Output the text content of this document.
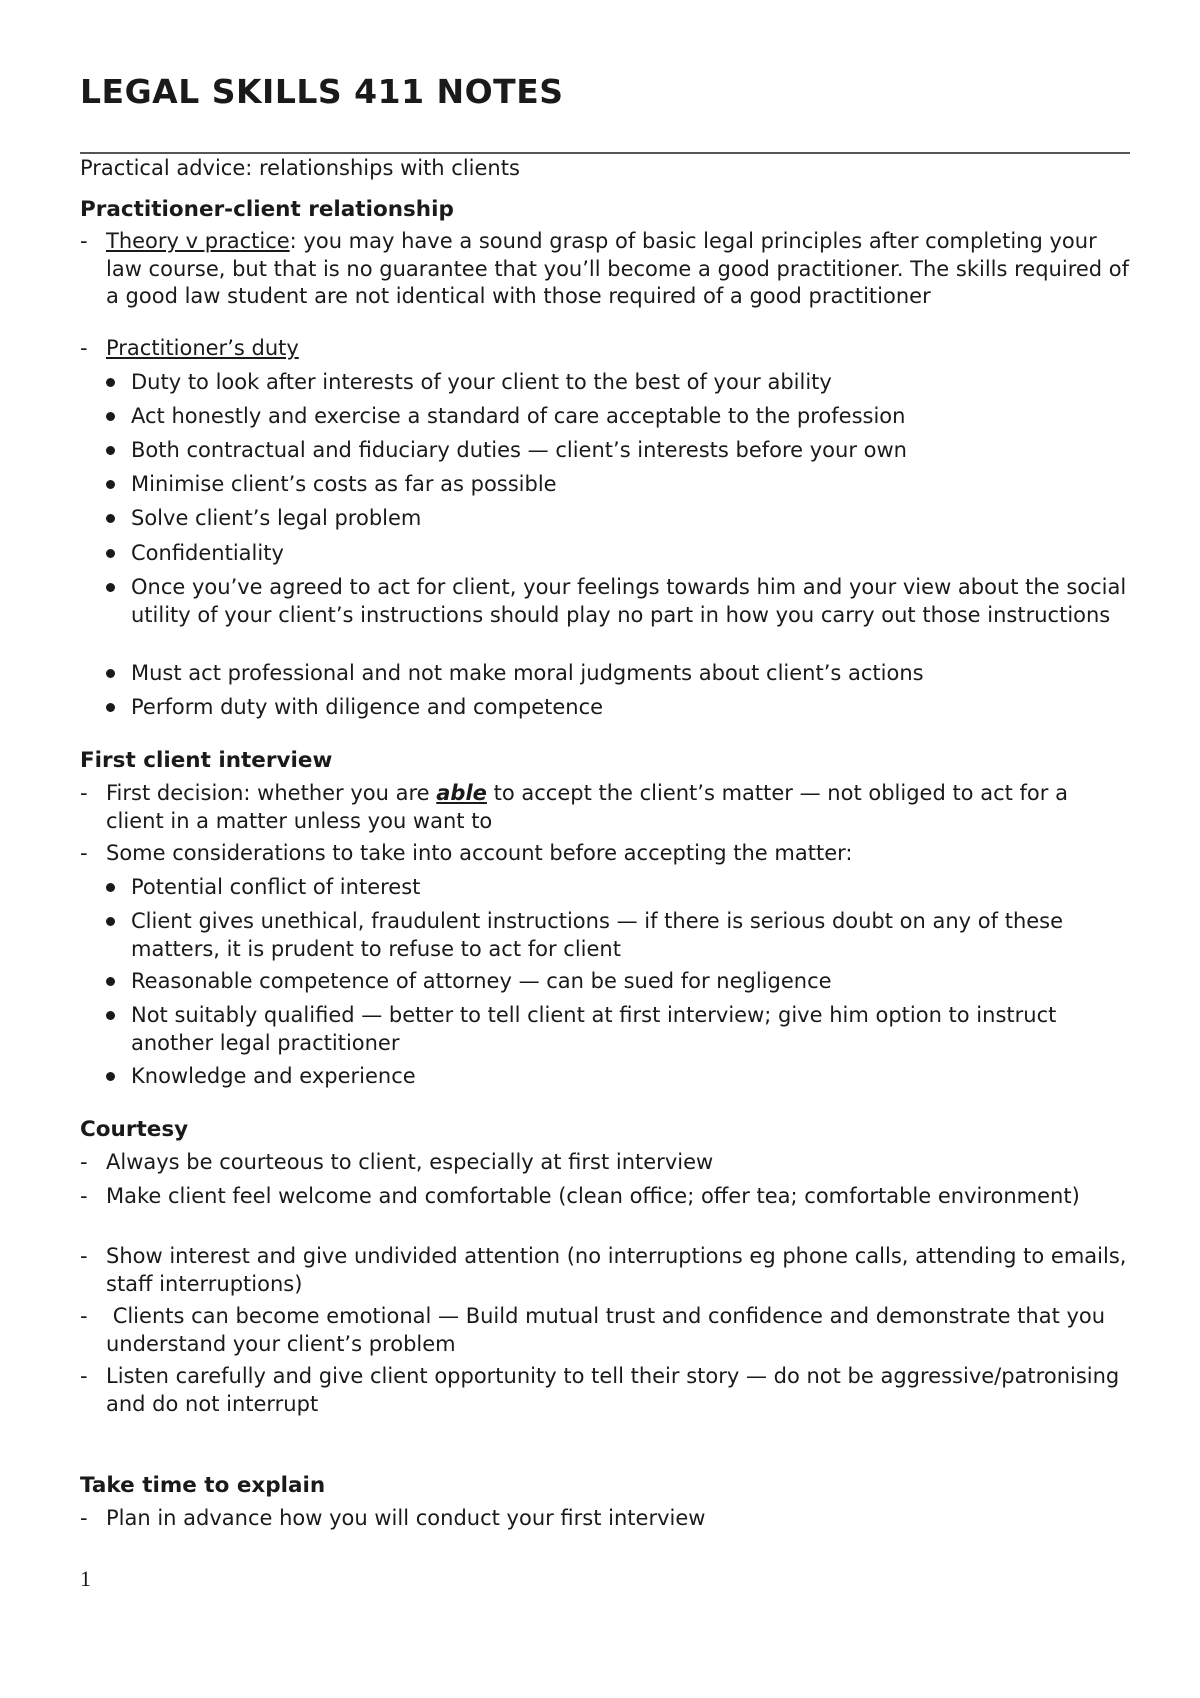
LEGAL SKILLS 411 NOTES
Practical advice: relationships with clients
Practitioner-client relationship
- Theory v practice: you may have a sound grasp of basic legal principles after completing your law course, but that is no guarantee that you’ll become a good practitioner. The skills required of a good law student are not identical with those required of a good practitioner
- Practitioner’s duty
Duty to look after interests of your client to the best of your ability
Act honestly and exercise a standard of care acceptable to the profession
Both contractual and fiduciary duties — client’s interests before your own
Minimise client’s costs as far as possible
Solve client’s legal problem
Confidentiality
Once you’ve agreed to act for client, your feelings towards him and your view about the social utility of your client’s instructions should play no part in how you carry out those instructions
Must act professional and not make moral judgments about client’s actions
Perform duty with diligence and competence
First client interview
- First decision: whether you are able to accept the client’s matter — not obliged to act for a client in a matter unless you want to
- Some considerations to take into account before accepting the matter:
Potential conflict of interest
Client gives unethical, fraudulent instructions — if there is serious doubt on any of these matters, it is prudent to refuse to act for client
Reasonable competence of attorney — can be sued for negligence
Not suitably qualified — better to tell client at first interview; give him option to instruct another legal practitioner
Knowledge and experience
Courtesy
- Always be courteous to client, especially at first interview
- Make client feel welcome and comfortable (clean office; offer tea; comfortable environment)
- Show interest and give undivided attention (no interruptions eg phone calls, attending to emails, staff interruptions)
- Clients can become emotional — Build mutual trust and confidence and demonstrate that you understand your client’s problem
- Listen carefully and give client opportunity to tell their story — do not be aggressive/patronising and do not interrupt
Take time to explain
- Plan in advance how you will conduct your first interview
1
